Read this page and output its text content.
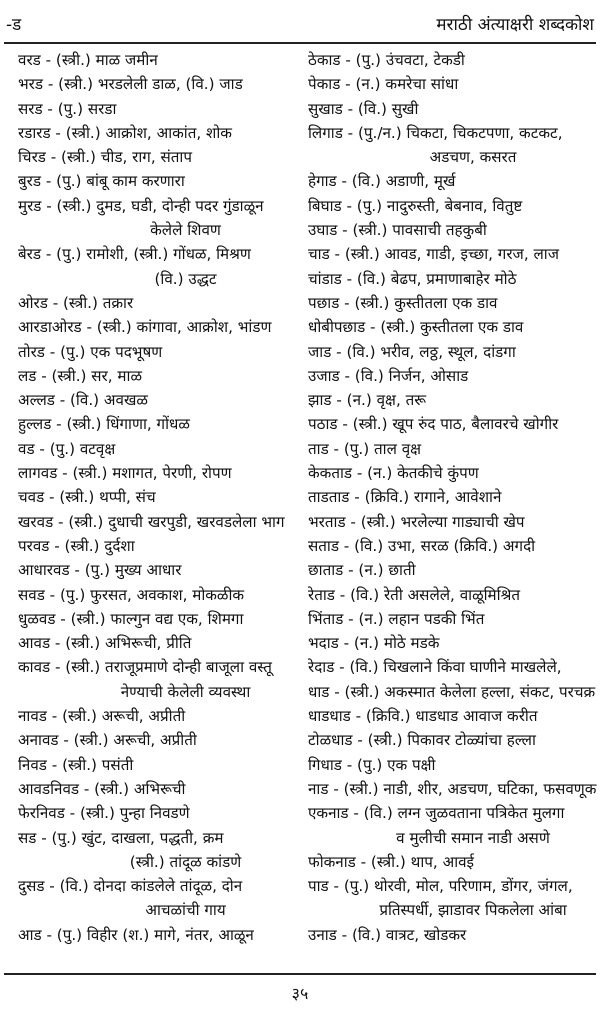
-ड	मराठी अंत्याक्षरी शब्दकोश
वरड - (स्त्री.) माळ जमीन
भरड - (स्त्री.) भरडलेली डाळ, (वि.) जाड
सरड - (पु.) सरडा
रडारड - (स्त्री.) आक्रोश, आकांत, शोक
चिरड - (स्त्री.) चीड, राग, संताप
बुरड - (पु.) बांबू काम करणारा
मुरड - (स्त्री.) दुमड, घडी, दोन्ही पदर गुंडाळून
केलेले शिवण
बेरड - (पु.) रामोशी, (स्त्री.) गोंधळ, मिश्रण
(वि.) उद्धट
ओरड - (स्त्री.) तक्रार
आरडाओरड - (स्त्री.) कांगावा, आक्रोश, भांडण
तोरड - (पु.) एक पदभूषण
लड - (स्त्री.) सर, माळ
अल्लड - (वि.) अवखळ
हुल्लड - (स्त्री.) धिंगाणा, गोंधळ
वड - (पु.) वटवृक्ष
लागवड - (स्त्री.) मशागत, पेरणी, रोपण
चवड - (स्त्री.) थप्पी, संच
खरवड - (स्त्री.) दुधाची खरपुडी, खरवडलेला भाग
परवड - (स्त्री.) दुर्दशा
आधारवड - (पु.) मुख्य आधार
सवड - (पु.) फुरसत, अवकाश, मोकळीक
धुळवड - (स्त्री.) फाल्गुन वद्य एक, शिमगा
आवड - (स्त्री.) अभिरूची, प्रीति
कावड - (स्त्री.) तराजूप्रमाणे दोन्ही बाजूला वस्तू
नेण्याची केलेली व्यवस्था
नावड - (स्त्री.) अरूची, अप्रीती
अनावड - (स्त्री.) अरूची, अप्रीती
निवड - (स्त्री.) पसंती
आवडनिवड - (स्त्री.) अभिरूची
फेरनिवड - (स्त्री.) पुन्हा निवडणे
सड - (पु.) खुंट, दाखला, पद्धती, क्रम
(स्त्री.) तांदूळ कांडणे
दुसड - (वि.) दोनदा कांडलेले तांदूळ, दोन
आचळांची गाय
आड - (पु.) विहीर (श.) मागे, नंतर, आळून
ठेकाड - (पु.) उंचवटा, टेकडी
पेकाड - (न.) कमरेचा सांधा
सुखाड - (वि.) सुखी
लिगाड - (पु./न.) चिकटा, चिकटपणा, कटकट,
अडचण, कसरत
हेगाड - (वि.) अडाणी, मूर्ख
बिघाड - (पु.) नादुरुस्ती, बेबनाव, वितुष्ट
उघाड - (स्त्री.) पावसाची तहकुबी
चाड - (स्त्री.) आवड, गाडी, इच्छा, गरज, लाज
चांडाड - (वि.) बेढप, प्रमाणाबाहेर मोठे
पछाड - (स्त्री.) कुस्तीतला एक डाव
धोबीपछाड - (स्त्री.) कुस्तीतला एक डाव
जाड - (वि.) भरीव, लठ्ठ, स्थूल, दांडगा
उजाड - (वि.) निर्जन, ओसाड
झाड - (न.) वृक्ष, तरू
पठाड - (स्त्री.) खूप रुंद पाठ, बैलावरचे खोगीर
ताड - (पु.) ताल वृक्ष
केकताड - (न.) केतकीचे कुंपण
ताडताड - (क्रिवि.) रागाने, आवेशाने
भरताड - (स्त्री.) भरलेल्या गाड्याची खेप
सताड - (वि.) उभा, सरळ (क्रिवि.) अगदी
छाताड - (न.) छाती
रेताड - (वि.) रेती असलेले, वाळूमिश्रित
भिंताड - (न.) लहान पडकी भिंत
भदाड - (न.) मोठे मडके
रेदाड - (वि.) चिखलाने किंवा घाणीने माखलेले,
धाड - (स्त्री.) अकस्मात केलेला हल्ला, संकट, परचक्र
धाडधाड - (क्रिवि.) धाडधाड आवाज करीत
टोळधाड - (स्त्री.) पिकावर टोळ्यांचा हल्ला
गिधाड - (पु.) एक पक्षी
नाड - (स्त्री.) नाडी, शीर, अडचण, घटिका, फसवणूक
एकनाड - (वि.) लग्न जुळवताना पत्रिकेत मुलगा
व मुलीची समान नाडी असणे
फोकनाड - (स्त्री.) थाप, आवई
पाड - (पु.) थोरवी, मोल, परिणाम, डोंगर, जंगल,
प्रतिस्पर्धी, झाडावर पिकलेला आंबा
उनाड - (वि.) वात्रट, खोडकर
३५
